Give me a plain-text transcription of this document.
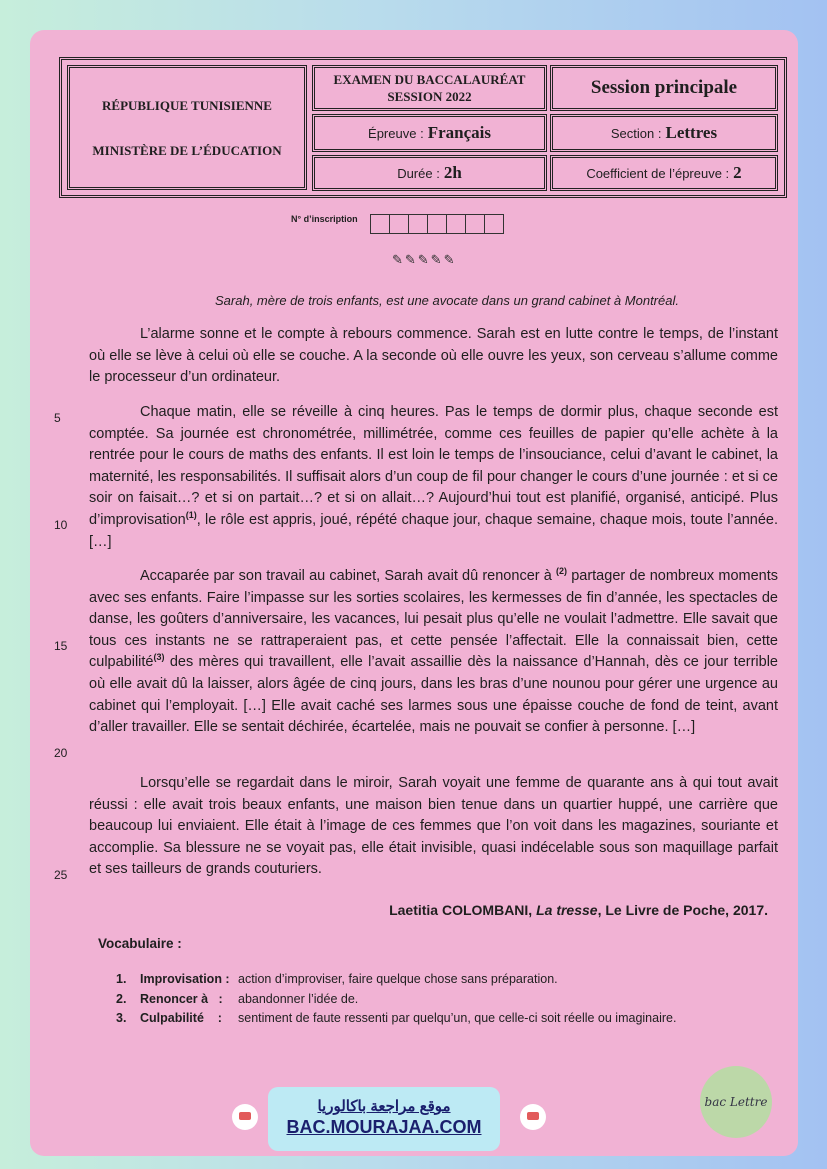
RÉPUBLIQUE TUNISIENNE
MINISTÈRE DE L’ÉDUCATION
EXAMEN DU BACCALAURÉAT
SESSION 2022	Session principale
Épreuve : Français	Section : Lettres
Durée : 2h	Coefficient de l’épreuve : 2
N° d’inscription
✎✎✎✎✎
Sarah, mère de trois enfants, est une avocate dans un grand cabinet à Montréal.

L’alarme sonne et le compte à rebours commence. Sarah est en lutte contre le temps, de l’instant où elle se lève à celui où elle se couche. A la seconde où elle ouvre les yeux, son cerveau s’allume comme le processeur d’un ordinateur.

Chaque matin, elle se réveille à cinq heures. Pas le temps de dormir plus, chaque seconde est comptée. Sa journée est chronométrée, millimétrée, comme ces feuilles de papier qu’elle achète à la rentrée pour le cours de maths des enfants. Il est loin le temps de l’insouciance, celui d’avant le cabinet, la maternité, les responsabilités. Il suffisait alors d’un coup de fil pour changer le cours d’une journée : et si ce soir on faisait…? et si on partait…? et si on allait…? Aujourd’hui tout est planifié, organisé, anticipé. Plus d’improvisation$^{(1)}$, le rôle est appris, joué, répété chaque jour, chaque semaine, chaque mois, toute l’année. […]

Accaparée par son travail au cabinet, Sarah avait dû renoncer à $^{(2)}$ partager de nombreux moments avec ses enfants. Faire l’impasse sur les sorties scolaires, les kermesses de fin d’année, les spectacles de danse, les goûters d’anniversaire, les vacances, lui pesait plus qu’elle ne voulait l’admettre. Elle savait que tous ces instants ne se rattraperaient pas, et cette pensée l’affectait. Elle la connaissait bien, cette culpabilité$^{(3)}$ des mères qui travaillent, elle l’avait assaillie dès la naissance d’Hannah, dès ce jour terrible où elle avait dû la laisser, alors âgée de cinq jours, dans les bras d’une nounou pour gérer une urgence au cabinet qui l’employait. […] Elle avait caché ses larmes sous une épaisse couche de fond de teint, avant d’aller travailler. Elle se sentait déchirée, écartelée, mais ne pouvait se confier à personne. […]

Lorsqu’elle se regardait dans le miroir, Sarah voyait une femme de quarante ans à qui tout avait réussi : elle avait trois beaux enfants, une maison bien tenue dans un quartier huppé, une carrière que beaucoup lui enviaient. Elle était à l’image de ces femmes que l’on voit dans les magazines, souriante et accomplie. Sa blessure ne se voyait pas, elle était invisible, quasi indécelable sous son maquillage parfait et ses tailleurs de grands couturiers.

5
10
15
20
25
Laetitia COLOMBANI, La tresse, Le Livre de Poche, 2017.
Vocabulaire :
1.	Improvisation : action d’improviser, faire quelque chose sans préparation.
2.	Renoncer à   :	abandonner l’idée de.
3.	Culpabilité    :	sentiment de faute ressenti par quelqu’un, que celle-ci soit réelle ou imaginaire.
موقع مراجعة باكالوريا
BAC.MOURAJAA.COM
bac Lettre
